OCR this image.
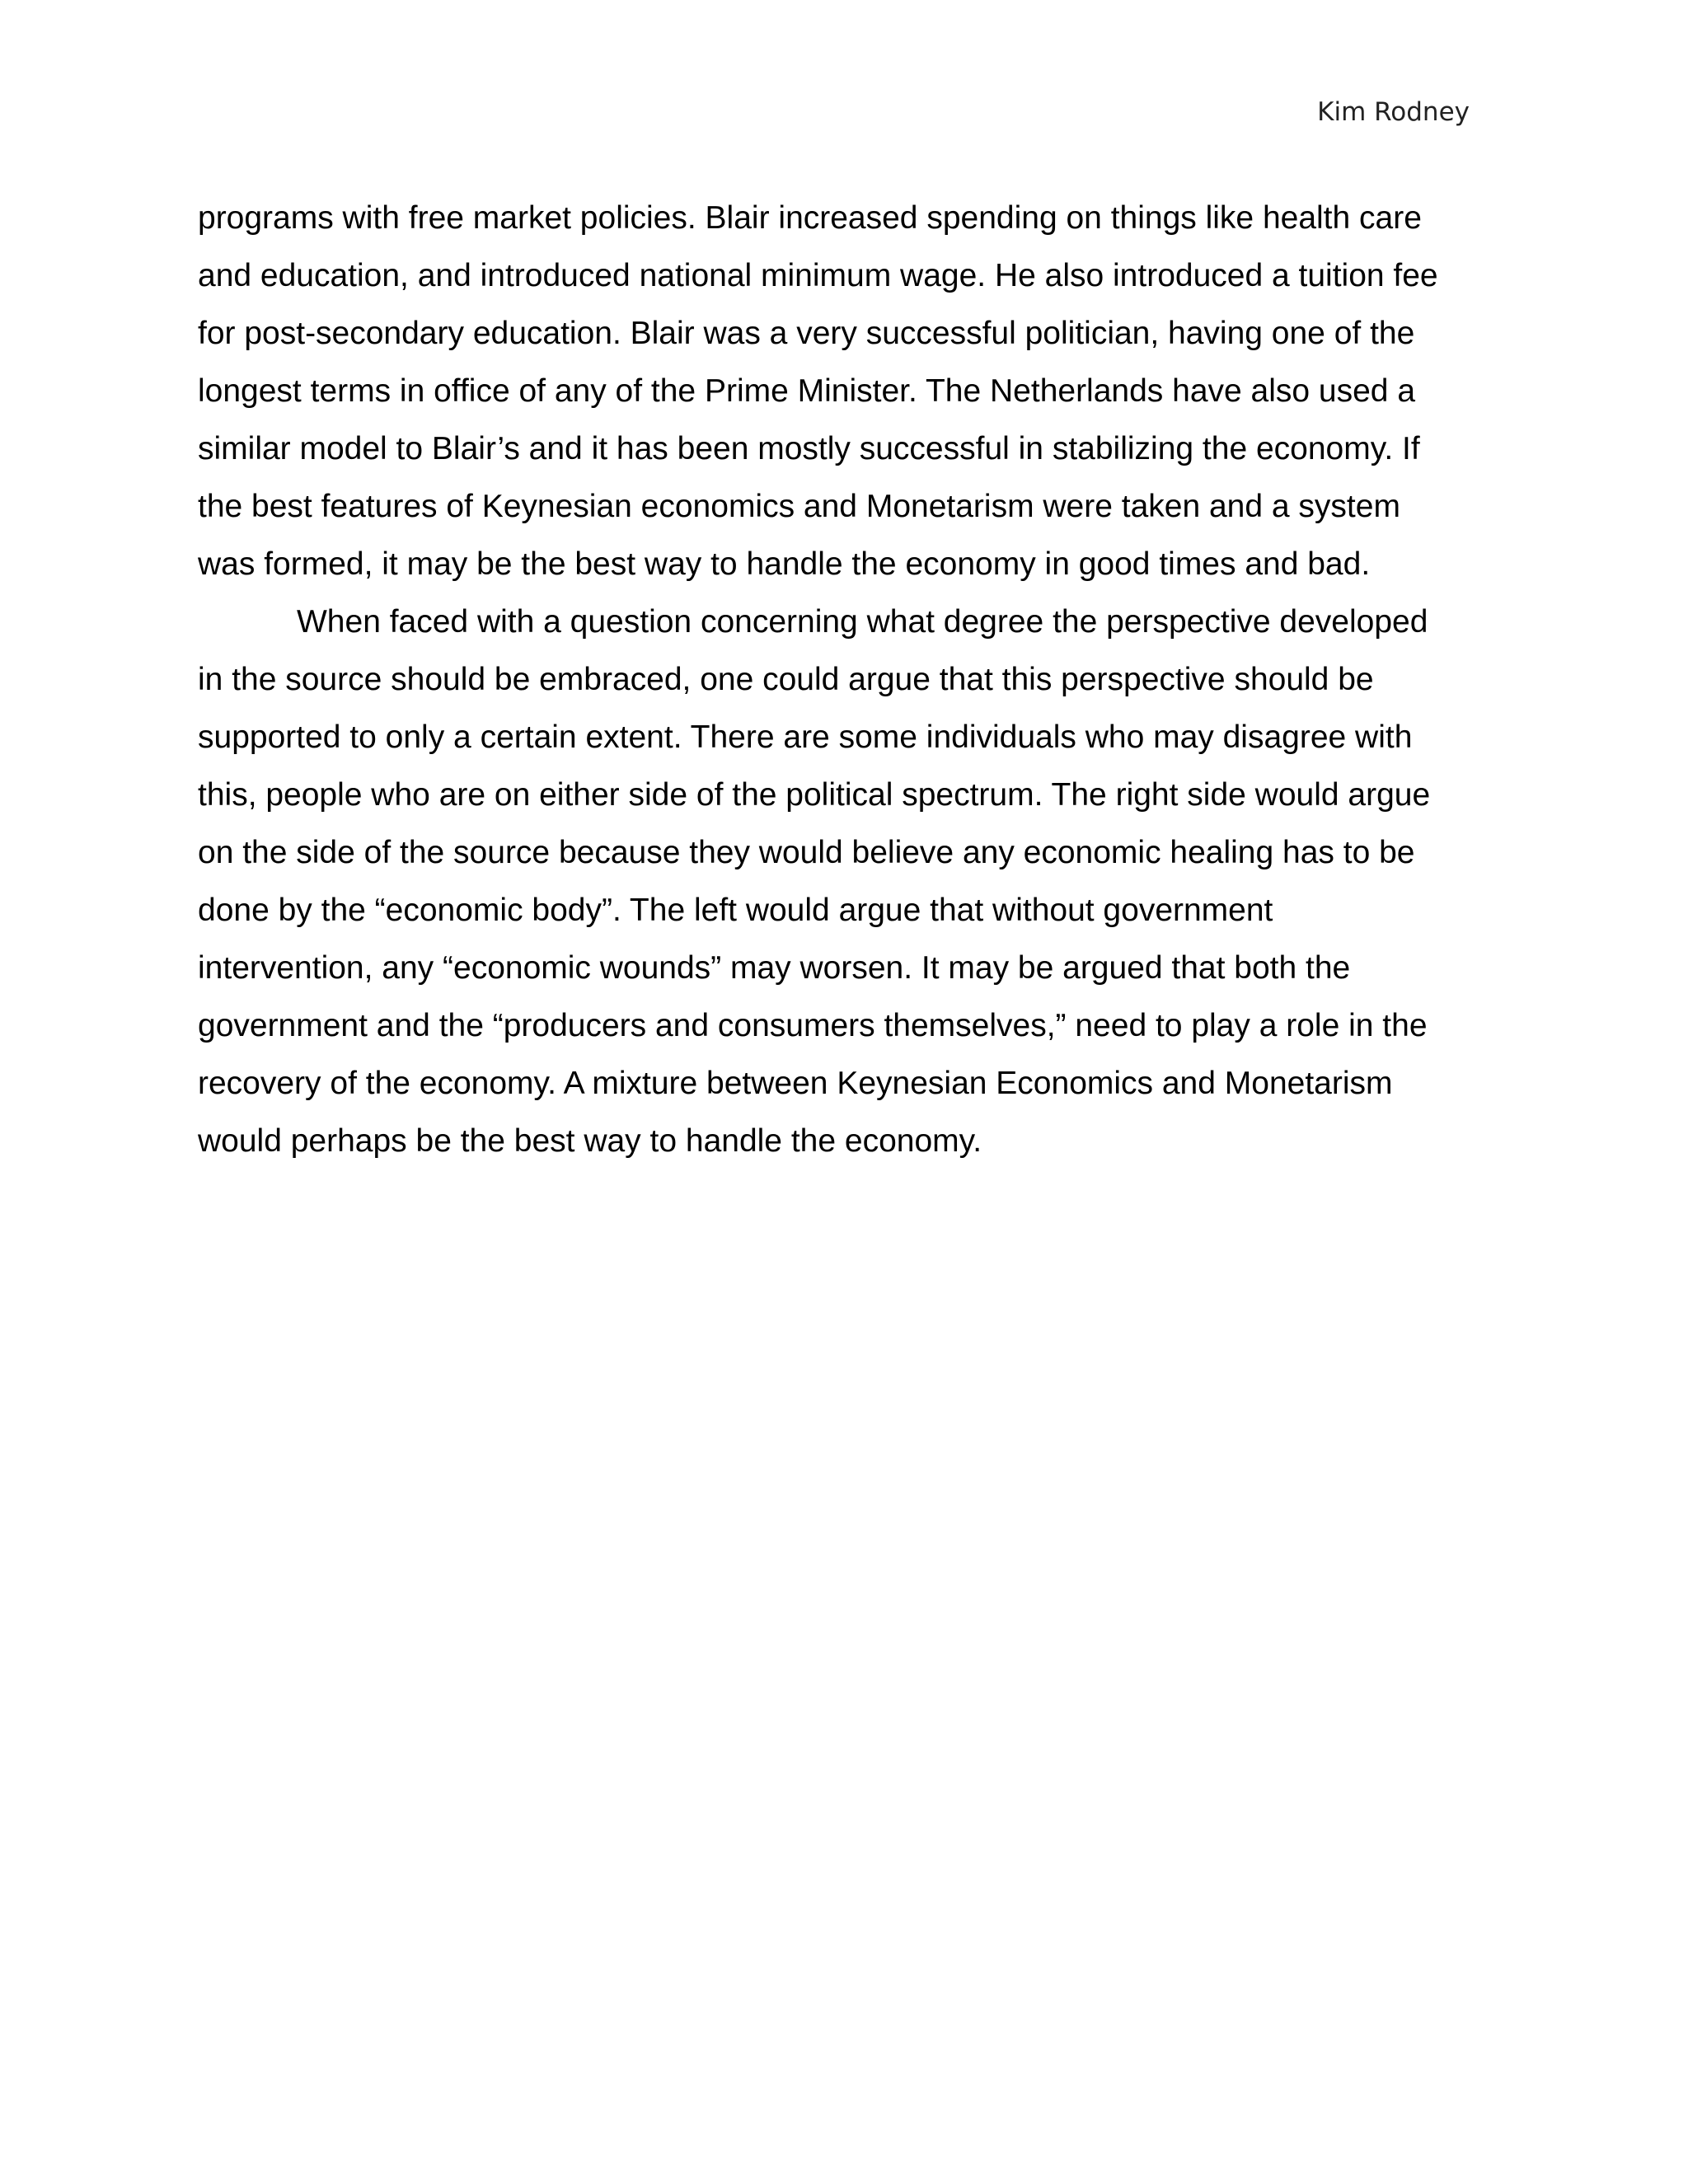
Kim Rodney
programs with free market policies. Blair increased spending on things like health care
and education, and introduced national minimum wage. He also introduced a tuition fee
for post-secondary education. Blair was a very successful politician, having one of the
longest terms in office of any of the Prime Minister. The Netherlands have also used a
similar model to Blair’s and it has been mostly successful in stabilizing the economy. If
the best features of Keynesian economics and Monetarism were taken and a system
was formed, it may be the best way to handle the economy in good times and bad.
When faced with a question concerning what degree the perspective developed
in the source should be embraced, one could argue that this perspective should be
supported to only a certain extent. There are some individuals who may disagree with
this, people who are on either side of the political spectrum. The right side would argue
on the side of the source because they would believe any economic healing has to be
done by the “economic body”. The left would argue that without government
intervention, any “economic wounds” may worsen. It may be argued that both the
government and the “producers and consumers themselves,” need to play a role in the
recovery of the economy. A mixture between Keynesian Economics and Monetarism
would perhaps be the best way to handle the economy.
